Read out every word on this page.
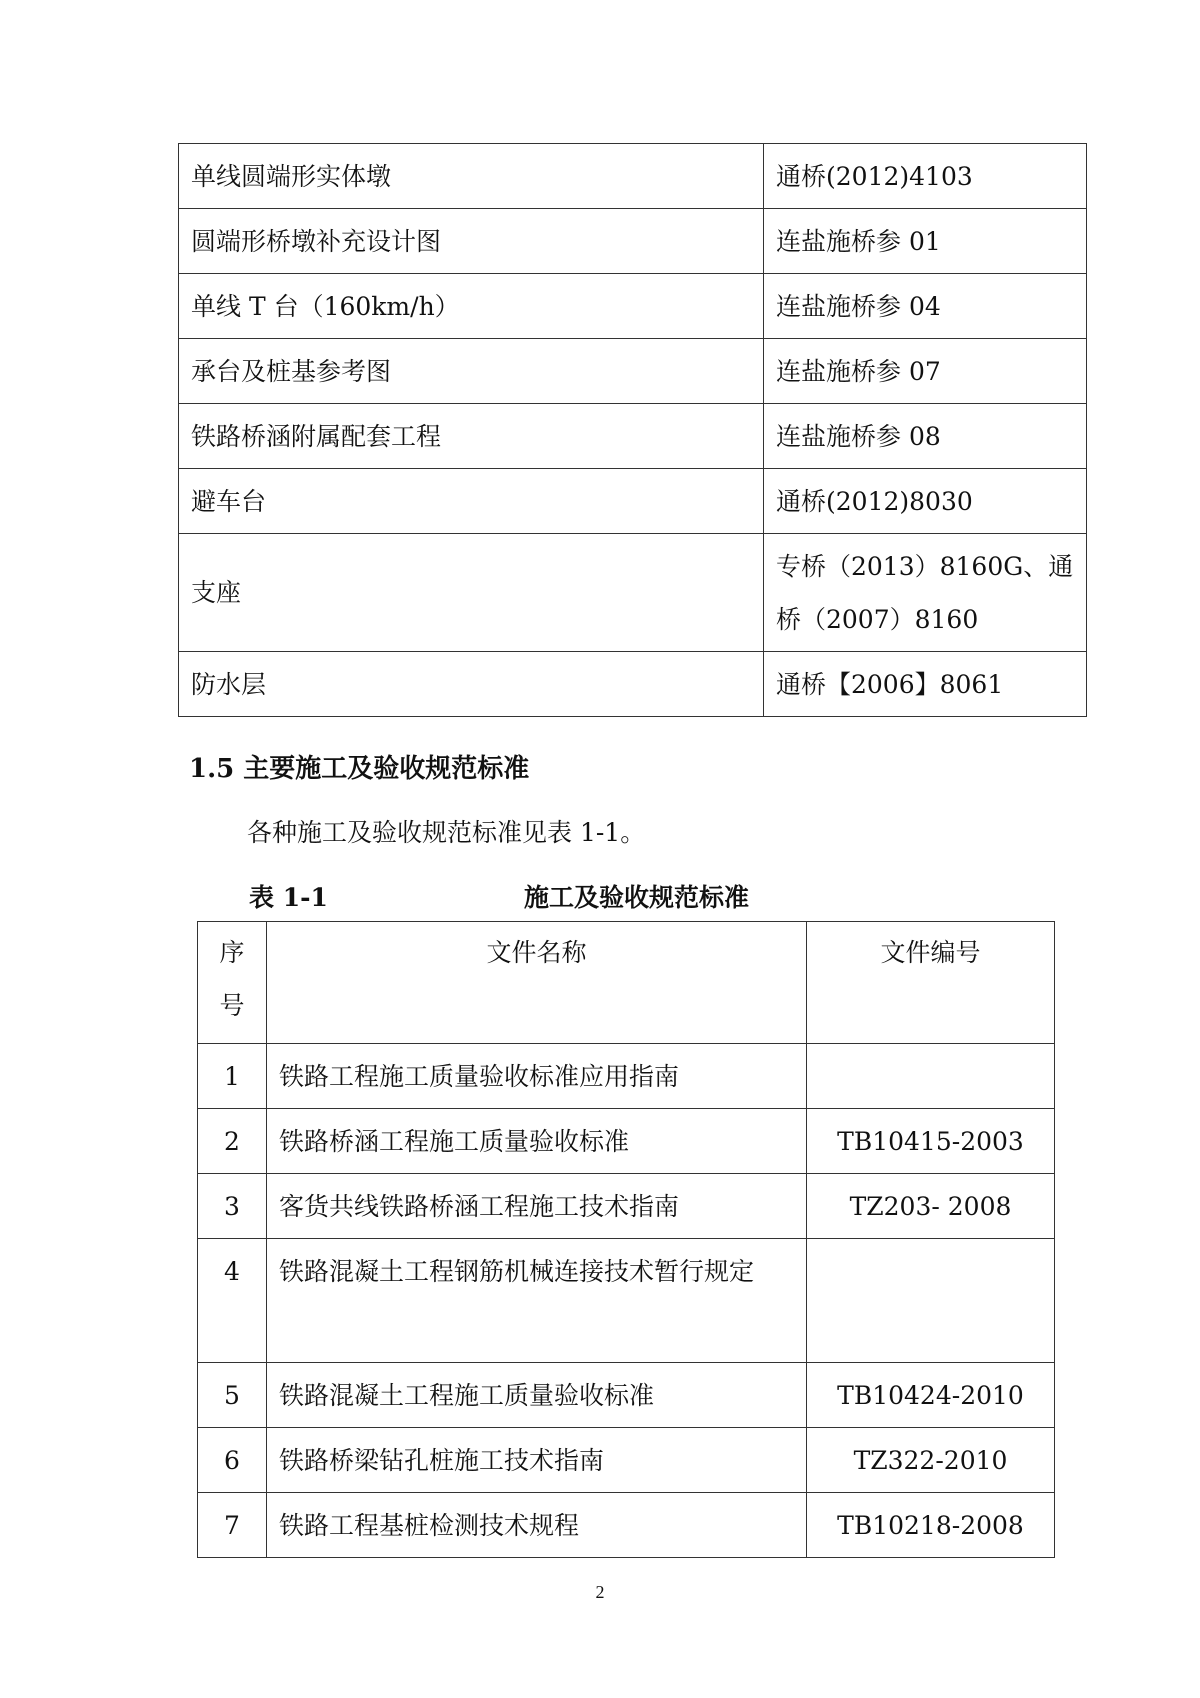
单线圆端形实体墩	通桥(2012)4103
圆端形桥墩补充设计图	连盐施桥参 01
单线 T 台（160km/h）	连盐施桥参 04
承台及桩基参考图	连盐施桥参 07
铁路桥涵附属配套工程	连盐施桥参 08
避车台	通桥(2012)8030
支座	专桥（2013）8160G、通桥（2007）8160
防水层	通桥【2006】8061
1.5 主要施工及验收规范标准

各种施工及验收规范标准见表 1-1。

表 1-1	施工及验收规范标准
序号	文件名称	文件编号
1	铁路工程施工质量验收标准应用指南	
2	铁路桥涵工程施工质量验收标准	TB10415-2003
3	客货共线铁路桥涵工程施工技术指南	TZ203- 2008
4	铁路混凝土工程钢筋机械连接技术暂行规定	
5	铁路混凝土工程施工质量验收标准	TB10424-2010
6	铁路桥梁钻孔桩施工技术指南	TZ322-2010
7	铁路工程基桩检测技术规程	TB10218-2008
2
